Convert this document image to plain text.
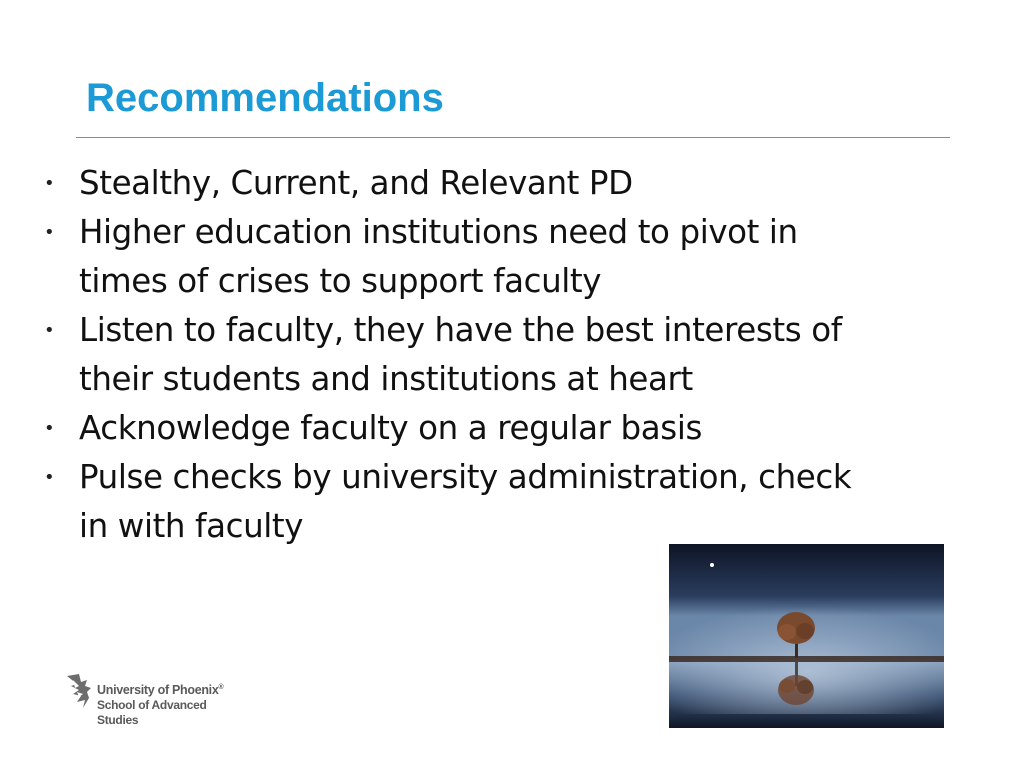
Recommendations
• Stealthy, Current, and Relevant PD
• Higher education institutions need to pivot in
times of crises to support faculty
• Listen to faculty, they have the best interests of
their students and institutions at heart
• Acknowledge faculty on a regular basis
• Pulse checks by university administration, check
in with faculty
University of Phoenix®
School of Advanced
Studies
